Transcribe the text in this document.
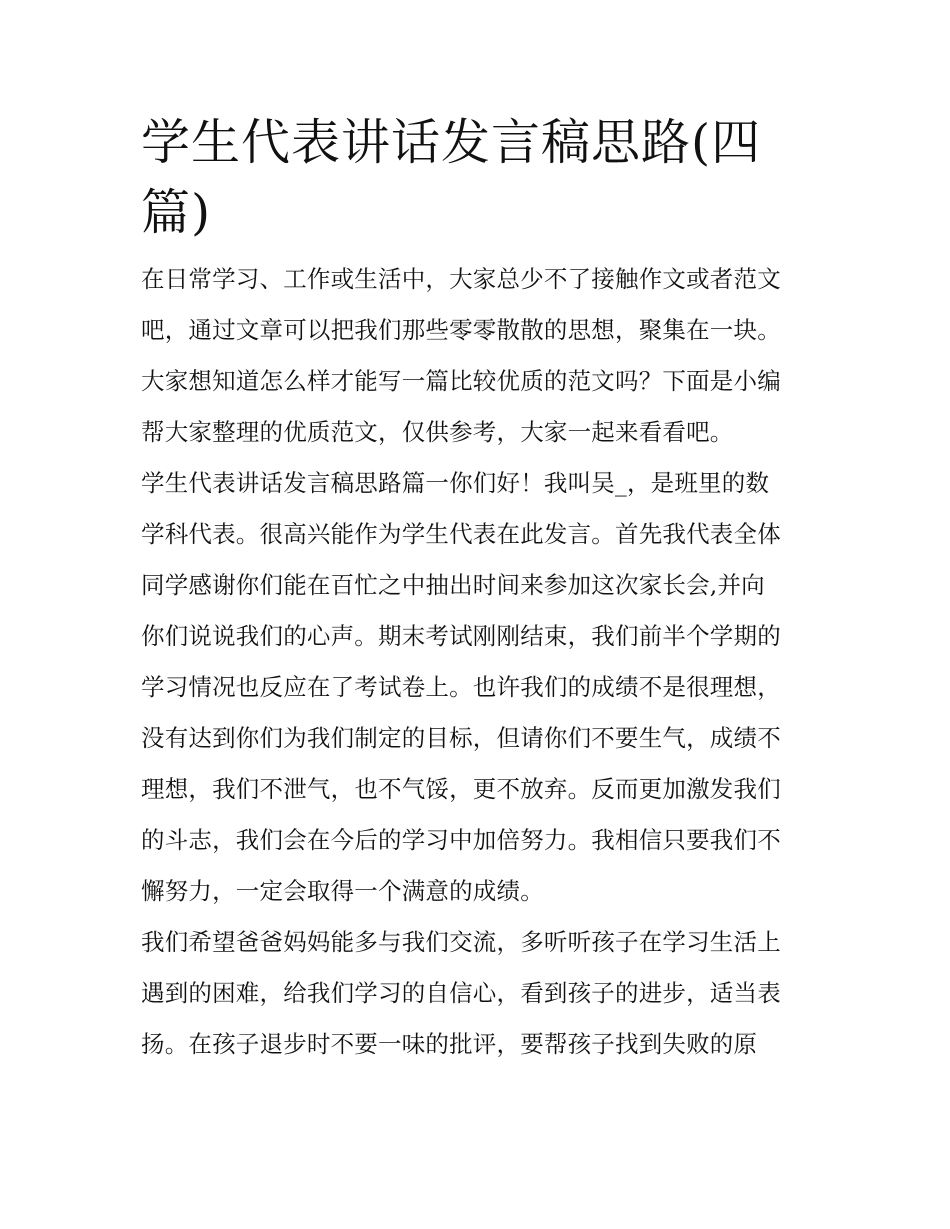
学生代表讲话发言稿思路(四
篇)

在日常学习、工作或生活中，大家总少不了接触作文或者范文
吧，通过文章可以把我们那些零零散散的思想，聚集在一块。
大家想知道怎么样才能写一篇比较优质的范文吗？下面是小编
帮大家整理的优质范文，仅供参考，大家一起来看看吧。

学生代表讲话发言稿思路篇一你们好！我叫吴_，是班里的数
学科代表。很高兴能作为学生代表在此发言。首先我代表全体
同学感谢你们能在百忙之中抽出时间来参加这次家长会,并向
你们说说我们的心声。期末考试刚刚结束，我们前半个学期的
学习情况也反应在了考试卷上。也许我们的成绩不是很理想，
没有达到你们为我们制定的目标，但请你们不要生气，成绩不
理想，我们不泄气，也不气馁，更不放弃。反而更加激发我们
的斗志，我们会在今后的学习中加倍努力。我相信只要我们不
懈努力，一定会取得一个满意的成绩。

我们希望爸爸妈妈能多与我们交流，多听听孩子在学习生活上
遇到的困难，给我们学习的自信心，看到孩子的进步，适当表
扬。在孩子退步时不要一味的批评，要帮孩子找到失败的原
